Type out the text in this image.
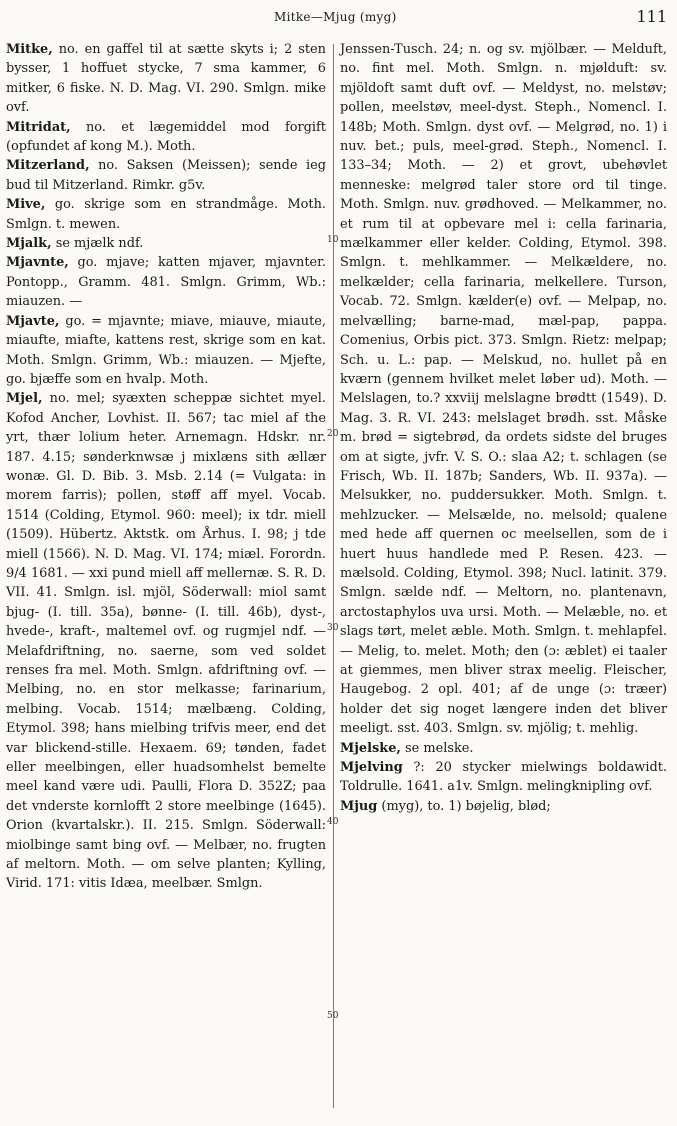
Mitke—Mjug (myg)	111
10
20
30
40
50

Mitke, no. en gaffel til at sætte skyts i; 2 sten bysser, 1 hoffuet stycke, 7 sma kammer, 6 mitker, 6 fiske. N. D. Mag. VI. 290. Smlgn. mike ovf.

Mitridat, no. et lægemiddel mod forgift (opfundet af kong M.). Moth.

Mitzerland, no. Saksen (Meissen); sende ieg bud til Mitzerland. Rimkr. g5v.

Mive, go. skrige som en strandmåge. Moth. Smlgn. t. mewen.

Mjalk, se mjælk ndf.

Mjavnte, go. mjave; katten mjaver, mjavnter. Pontopp., Gramm. 481. Smlgn. Grimm, Wb.: miauzen. —

Mjavte, go. = mjavnte; miave, miauve, miaute, miaufte, miafte, kattens rest, skrige som en kat. Moth. Smlgn. Grimm, Wb.: miauzen. — Mjefte, go. bjæffe som en hvalp. Moth.

Mjel, no. mel; syæxten scheppæ sichtet myel. Kofod Ancher, Lovhist. II. 567; tac miel af the yrt, thær lolium heter. Arnemagn. Hdskr. nr. 187. 4.15; sønderknwsæ j mixlæns sith ællær wonæ. Gl. D. Bib. 3. Msb. 2.14 (= Vulgata: in morem farris); pollen, støff aff myel. Vocab. 1514 (Colding, Etymol. 960: meel); ix tdr. miell (1509). Hübertz. Aktstk. om Århus. I. 98; j tde miell (1566). N. D. Mag. VI. 174; miæl. Forordn. 9/4 1681. — xxi pund miell aff mellernæ. S. R. D. VII. 41. Smlgn. isl. mjöl, Söderwall: miol samt bjug- (I. till. 35a), bønne- (I. till. 46b), dyst-, hvede-, kraft-, maltemel ovf. og rugmjel ndf. — Melafdriftning, no. saerne, som ved soldet renses fra mel. Moth. Smlgn. afdriftning ovf. — Melbing, no. en stor melkasse; farinarium, melbing. Vocab. 1514; mælbæng. Colding, Etymol. 398; hans mielbing trifvis meer, end det var blickend-stille. Hexaem. 69; tønden, fadet eller meelbingen, eller huadsomhelst bemelte meel kand være udi. Paulli, Flora D. 352Z; paa det vnderste kornlofft 2 store meelbinge (1645). Orion (kvartalskr.). II. 215. Smlgn. Söderwall: miolbinge samt bing ovf. — Melbær, no. frugten af meltorn. Moth. — om selve planten; Kylling, Virid. 171: vitis Idæa, meelbær. Smlgn.

Jenssen-Tusch. 24; n. og sv. mjölbær. — Melduft, no. fint mel. Moth. Smlgn. n. mjølduft: sv. mjöldoft samt duft ovf. — Meldyst, no. melstøv; pollen, meelstøv, meel-dyst. Steph., Nomencl. I. 148b; Moth. Smlgn. dyst ovf. — Melgrød, no. 1) i nuv. bet.; puls, meel-grød. Steph., Nomencl. I. 133–34; Moth. — 2) et grovt, ubehøvlet menneske: melgrød taler store ord til tinge. Moth. Smlgn. nuv. grødhoved. — Melkammer, no. et rum til at opbevare mel i: cella farinaria, mælkammer eller kelder. Colding, Etymol. 398. Smlgn. t. mehlkammer. — Melkældere, no. melkælder; cella farinaria, melkellere. Turson, Vocab. 72. Smlgn. kælder(e) ovf. — Melpap, no. melvælling; barne-mad, mæl-pap, pappa. Comenius, Orbis pict. 373. Smlgn. Rietz: melpap; Sch. u. L.: pap. — Melskud, no. hullet på en kværn (gennem hvilket melet løber ud). Moth. — Melslagen, to.? xxviij melslagne brødtt (1549). D. Mag. 3. R. VI. 243: melslaget brødh. sst. Måske m. brød = sigtebrød, da ordets sidste del bruges om at sigte, jvfr. V. S. O.: slaa A2; t. schlagen (se Frisch, Wb. II. 187b; Sanders, Wb. II. 937a). — Melsukker, no. puddersukker. Moth. Smlgn. t. mehlzucker. — Melsælde, no. melsold; qualene med hede aff quernen oc meelsellen, som de i huert huus handlede med P. Resen. 423. — mælsold. Colding, Etymol. 398; Nucl. latinit. 379. Smlgn. sælde ndf. — Meltorn, no. plantenavn, arctostaphylos uva ursi. Moth. — Melæble, no. et slags tørt, melet æble. Moth. Smlgn. t. mehlapfel. — Melig, to. melet. Moth; den (ɔ: æblet) ei taaler at giemmes, men bliver strax meelig. Fleischer, Haugebog. 2 opl. 401; af de unge (ɔ: træer) holder det sig noget længere inden det bliver meeligt. sst. 403. Smlgn. sv. mjölig; t. mehlig.

Mjelske, se melske.

Mjelving ?: 20 stycker mielwings boldawidt. Toldrulle. 1641. a1v. Smlgn. melingknipling ovf.

Mjug (myg), to. 1) bøjelig, blød;
